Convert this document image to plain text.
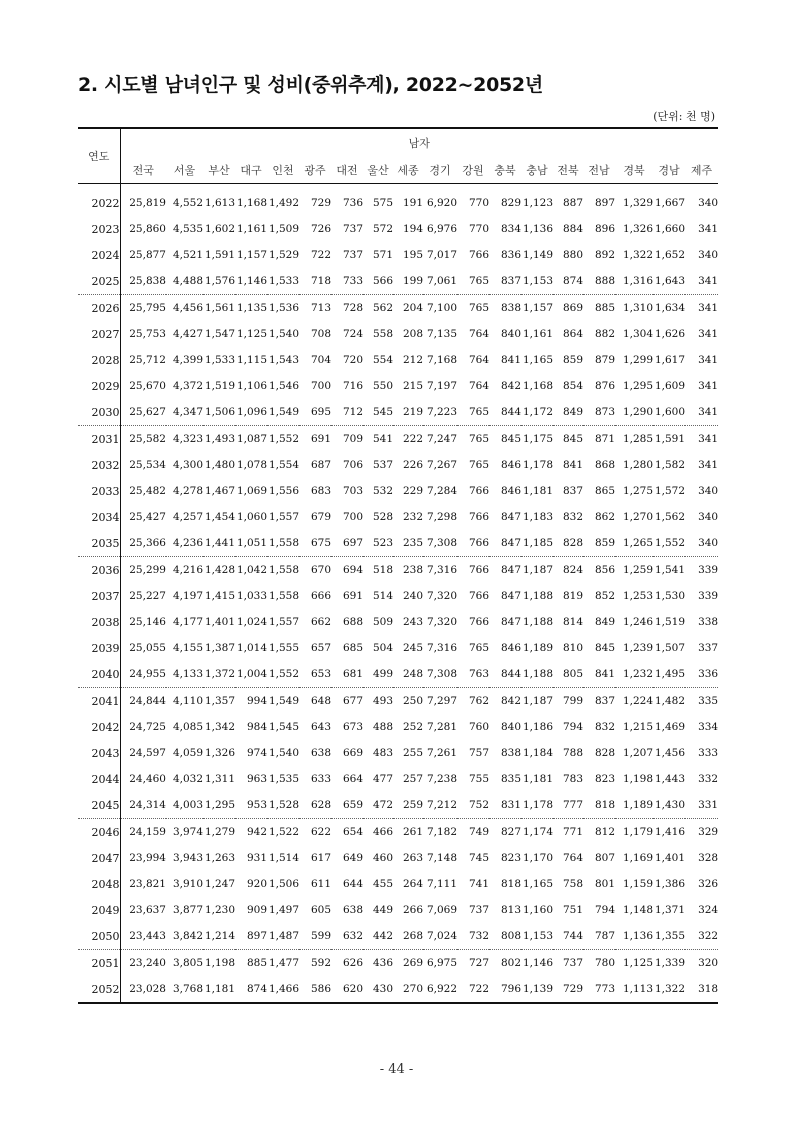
2. 시도별 남녀인구 및 성비(중위추계), 2022~2052년
(단위: 천 명)
연도	남자																	
	전국	서울	부산	대구	인천	광주	대전	울산	세종	경기	강원	충북	충남	전북	전남	경북	경남	제주
2022	25,819	4,552	1,613	1,168	1,492	729	736	575	191	6,920	770	829	1,123	887	897	1,329	1,667	340
2023	25,860	4,535	1,602	1,161	1,509	726	737	572	194	6,976	770	834	1,136	884	896	1,326	1,660	341
2024	25,877	4,521	1,591	1,157	1,529	722	737	571	195	7,017	766	836	1,149	880	892	1,322	1,652	340
2025	25,838	4,488	1,576	1,146	1,533	718	733	566	199	7,061	765	837	1,153	874	888	1,316	1,643	341
2026	25,795	4,456	1,561	1,135	1,536	713	728	562	204	7,100	765	838	1,157	869	885	1,310	1,634	341
2027	25,753	4,427	1,547	1,125	1,540	708	724	558	208	7,135	764	840	1,161	864	882	1,304	1,626	341
2028	25,712	4,399	1,533	1,115	1,543	704	720	554	212	7,168	764	841	1,165	859	879	1,299	1,617	341
2029	25,670	4,372	1,519	1,106	1,546	700	716	550	215	7,197	764	842	1,168	854	876	1,295	1,609	341
2030	25,627	4,347	1,506	1,096	1,549	695	712	545	219	7,223	765	844	1,172	849	873	1,290	1,600	341
2031	25,582	4,323	1,493	1,087	1,552	691	709	541	222	7,247	765	845	1,175	845	871	1,285	1,591	341
2032	25,534	4,300	1,480	1,078	1,554	687	706	537	226	7,267	765	846	1,178	841	868	1,280	1,582	341
2033	25,482	4,278	1,467	1,069	1,556	683	703	532	229	7,284	766	846	1,181	837	865	1,275	1,572	340
2034	25,427	4,257	1,454	1,060	1,557	679	700	528	232	7,298	766	847	1,183	832	862	1,270	1,562	340
2035	25,366	4,236	1,441	1,051	1,558	675	697	523	235	7,308	766	847	1,185	828	859	1,265	1,552	340
2036	25,299	4,216	1,428	1,042	1,558	670	694	518	238	7,316	766	847	1,187	824	856	1,259	1,541	339
2037	25,227	4,197	1,415	1,033	1,558	666	691	514	240	7,320	766	847	1,188	819	852	1,253	1,530	339
2038	25,146	4,177	1,401	1,024	1,557	662	688	509	243	7,320	766	847	1,188	814	849	1,246	1,519	338
2039	25,055	4,155	1,387	1,014	1,555	657	685	504	245	7,316	765	846	1,189	810	845	1,239	1,507	337
2040	24,955	4,133	1,372	1,004	1,552	653	681	499	248	7,308	763	844	1,188	805	841	1,232	1,495	336
2041	24,844	4,110	1,357	994	1,549	648	677	493	250	7,297	762	842	1,187	799	837	1,224	1,482	335
2042	24,725	4,085	1,342	984	1,545	643	673	488	252	7,281	760	840	1,186	794	832	1,215	1,469	334
2043	24,597	4,059	1,326	974	1,540	638	669	483	255	7,261	757	838	1,184	788	828	1,207	1,456	333
2044	24,460	4,032	1,311	963	1,535	633	664	477	257	7,238	755	835	1,181	783	823	1,198	1,443	332
2045	24,314	4,003	1,295	953	1,528	628	659	472	259	7,212	752	831	1,178	777	818	1,189	1,430	331
2046	24,159	3,974	1,279	942	1,522	622	654	466	261	7,182	749	827	1,174	771	812	1,179	1,416	329
2047	23,994	3,943	1,263	931	1,514	617	649	460	263	7,148	745	823	1,170	764	807	1,169	1,401	328
2048	23,821	3,910	1,247	920	1,506	611	644	455	264	7,111	741	818	1,165	758	801	1,159	1,386	326
2049	23,637	3,877	1,230	909	1,497	605	638	449	266	7,069	737	813	1,160	751	794	1,148	1,371	324
2050	23,443	3,842	1,214	897	1,487	599	632	442	268	7,024	732	808	1,153	744	787	1,136	1,355	322
2051	23,240	3,805	1,198	885	1,477	592	626	436	269	6,975	727	802	1,146	737	780	1,125	1,339	320
2052	23,028	3,768	1,181	874	1,466	586	620	430	270	6,922	722	796	1,139	729	773	1,113	1,322	318
- 44 -
